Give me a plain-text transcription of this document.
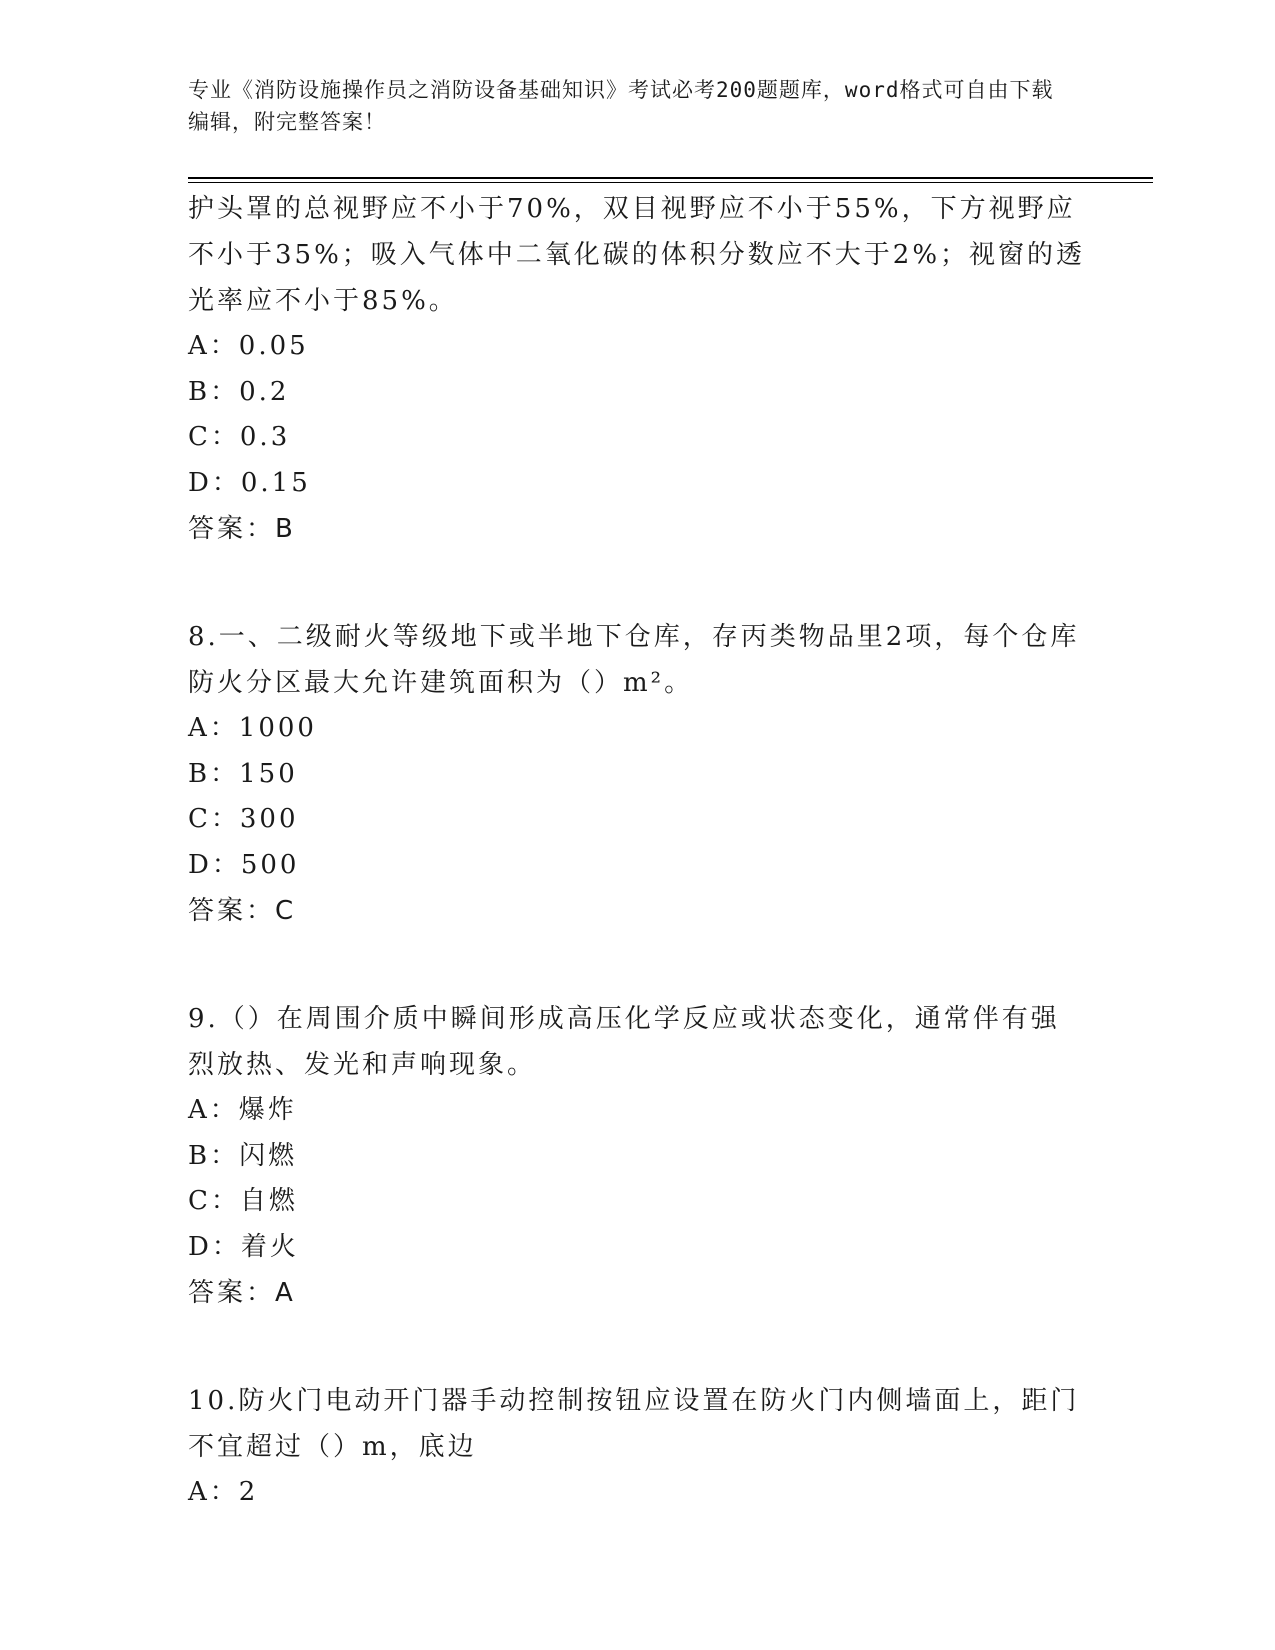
专业《消防设施操作员之消防设备基础知识》考试必考200题题库，word格式可自由下载编辑，附完整答案！

护头罩的总视野应不小于70%，双目视野应不小于55%，下方视野应不小于35%；吸入气体中二氧化碳的体积分数应不大于2%；视窗的透光率应不小于85%。

A：0.05

B：0.2

C：0.3

D：0.15

答案：B

8.一、二级耐火等级地下或半地下仓库，存丙类物品里2项，每个仓库防火分区最大允许建筑面积为（）m²。

A：1000

B：150

C：300

D：500

答案：C

9.（）在周围介质中瞬间形成高压化学反应或状态变化，通常伴有强烈放热、发光和声响现象。

A：爆炸

B：闪燃

C：自燃

D：着火

答案：A

10.防火门电动开门器手动控制按钮应设置在防火门内侧墙面上，距门不宜超过（）m，底边

A：2
